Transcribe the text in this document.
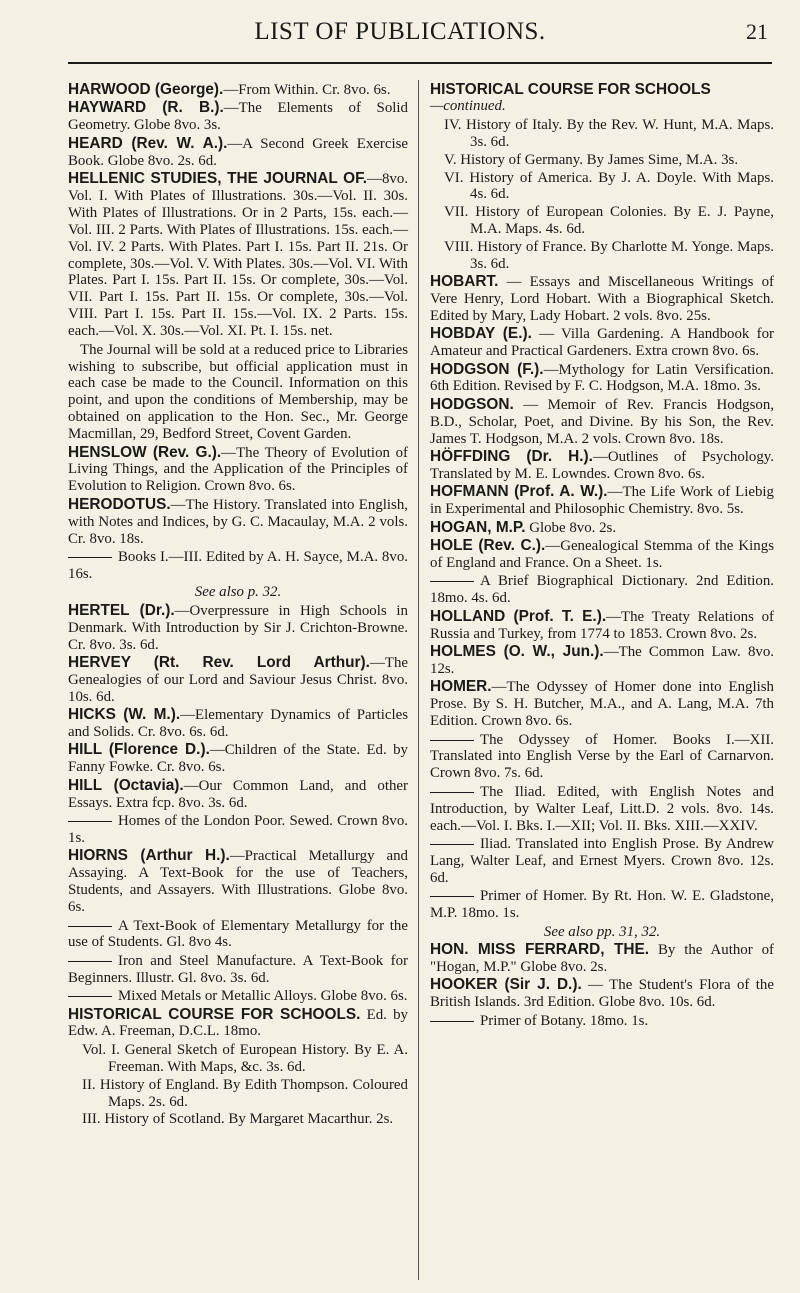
LIST OF PUBLICATIONS.	21
HARWOOD (George).—From Within. Cr. 8vo. 6s.
HAYWARD (R. B.).—The Elements of Solid Geometry. Globe 8vo. 3s.
HEARD (Rev. W. A.).—A Second Greek Exercise Book. Globe 8vo. 2s. 6d.
HELLENIC STUDIES, THE JOURNAL OF.—8vo. Vol. I. With Plates of Illustrations. 30s.—Vol. II. 30s. With Plates of Illustrations. Or in 2 Parts, 15s. each.—Vol. III. 2 Parts. With Plates of Illustrations. 15s. each.—Vol. IV. 2 Parts. With Plates. Part I. 15s. Part II. 21s. Or complete, 30s.—Vol. V. With Plates. 30s.—Vol. VI. With Plates. Part I. 15s. Part II. 15s. Or complete, 30s.—Vol. VII. Part I. 15s. Part II. 15s. Or complete, 30s.—Vol. VIII. Part I. 15s. Part II. 15s.—Vol. IX. 2 Parts. 15s. each.—Vol. X. 30s.—Vol. XI. Pt. I. 15s. net.
The Journal will be sold at a reduced price to Libraries wishing to subscribe, but official application must in each case be made to the Council. Information on this point, and upon the conditions of Membership, may be obtained on application to the Hon. Sec., Mr. George Macmillan, 29, Bedford Street, Covent Garden.
HENSLOW (Rev. G.).—The Theory of Evolution of Living Things, and the Application of the Principles of Evolution to Religion. Crown 8vo. 6s.
HERODOTUS.—The History. Translated into English, with Notes and Indices, by G. C. Macaulay, M.A. 2 vols. Cr. 8vo. 18s.
Books I.—III. Edited by A. H. Sayce, M.A. 8vo. 16s.
See also p. 32.
HERTEL (Dr.).—Overpressure in High Schools in Denmark. With Introduction by Sir J. Crichton-Browne. Cr. 8vo. 3s. 6d.
HERVEY (Rt. Rev. Lord Arthur).—The Genealogies of our Lord and Saviour Jesus Christ. 8vo. 10s. 6d.
HICKS (W. M.).—Elementary Dynamics of Particles and Solids. Cr. 8vo. 6s. 6d.
HILL (Florence D.).—Children of the State. Ed. by Fanny Fowke. Cr. 8vo. 6s.
HILL (Octavia).—Our Common Land, and other Essays. Extra fcp. 8vo. 3s. 6d.
Homes of the London Poor. Sewed. Crown 8vo. 1s.
HIORNS (Arthur H.).—Practical Metallurgy and Assaying. A Text-Book for the use of Teachers, Students, and Assayers. With Illustrations. Globe 8vo. 6s.
A Text-Book of Elementary Metallurgy for the use of Students. Gl. 8vo 4s.
Iron and Steel Manufacture. A Text-Book for Beginners. Illustr. Gl. 8vo. 3s. 6d.
Mixed Metals or Metallic Alloys. Globe 8vo. 6s.
HISTORICAL COURSE FOR SCHOOLS. Ed. by Edw. A. Freeman, D.C.L. 18mo.
Vol. I. General Sketch of European History. By E. A. Freeman. With Maps, &c. 3s. 6d.
II. History of England. By Edith Thompson. Coloured Maps. 2s. 6d.
III. History of Scotland. By Margaret Macarthur. 2s.
HISTORICAL COURSE FOR SCHOOLS
—continued.
IV. History of Italy. By the Rev. W. Hunt, M.A. Maps. 3s. 6d.
V. History of Germany. By James Sime, M.A. 3s.
VI. History of America. By J. A. Doyle. With Maps. 4s. 6d.
VII. History of European Colonies. By E. J. Payne, M.A. Maps. 4s. 6d.
VIII. History of France. By Charlotte M. Yonge. Maps. 3s. 6d.
HOBART. — Essays and Miscellaneous Writings of Vere Henry, Lord Hobart. With a Biographical Sketch. Edited by Mary, Lady Hobart. 2 vols. 8vo. 25s.
HOBDAY (E.). — Villa Gardening. A Handbook for Amateur and Practical Gardeners. Extra crown 8vo. 6s.
HODGSON (F.).—Mythology for Latin Versification. 6th Edition. Revised by F. C. Hodgson, M.A. 18mo. 3s.
HODGSON. — Memoir of Rev. Francis Hodgson, B.D., Scholar, Poet, and Divine. By his Son, the Rev. James T. Hodgson, M.A. 2 vols. Crown 8vo. 18s.
HÖFFDING (Dr. H.).—Outlines of Psychology. Translated by M. E. Lowndes. Crown 8vo. 6s.
HOFMANN (Prof. A. W.).—The Life Work of Liebig in Experimental and Philosophic Chemistry. 8vo. 5s.
HOGAN, M.P. Globe 8vo. 2s.
HOLE (Rev. C.).—Genealogical Stemma of the Kings of England and France. On a Sheet. 1s.
A Brief Biographical Dictionary. 2nd Edition. 18mo. 4s. 6d.
HOLLAND (Prof. T. E.).—The Treaty Relations of Russia and Turkey, from 1774 to 1853. Crown 8vo. 2s.
HOLMES (O. W., Jun.).—The Common Law. 8vo. 12s.
HOMER.—The Odyssey of Homer done into English Prose. By S. H. Butcher, M.A., and A. Lang, M.A. 7th Edition. Crown 8vo. 6s.
The Odyssey of Homer. Books I.—XII. Translated into English Verse by the Earl of Carnarvon. Crown 8vo. 7s. 6d.
The Iliad. Edited, with English Notes and Introduction, by Walter Leaf, Litt.D. 2 vols. 8vo. 14s. each.—Vol. I. Bks. I.—XII; Vol. II. Bks. XIII.—XXIV.
Iliad. Translated into English Prose. By Andrew Lang, Walter Leaf, and Ernest Myers. Crown 8vo. 12s. 6d.
Primer of Homer. By Rt. Hon. W. E. Gladstone, M.P. 18mo. 1s.
See also pp. 31, 32.
HON. MISS FERRARD, THE. By the Author of "Hogan, M.P." Globe 8vo. 2s.
HOOKER (Sir J. D.). — The Student's Flora of the British Islands. 3rd Edition. Globe 8vo. 10s. 6d.
Primer of Botany. 18mo. 1s.
